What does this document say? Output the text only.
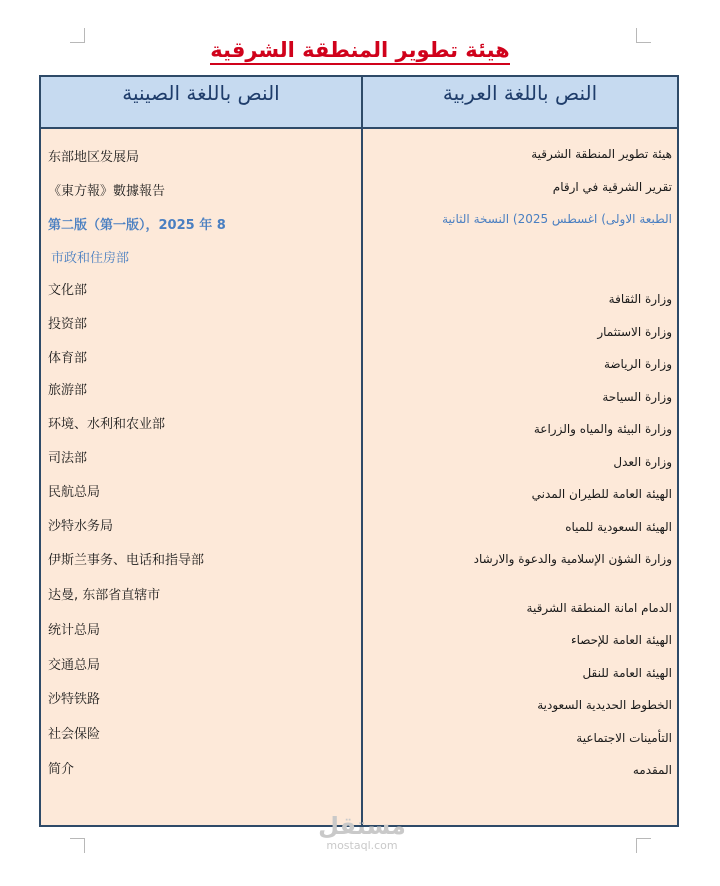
هيئة تطوير المنطقة الشرقية
النص باللغة الصينية	النص باللغة العربية
东部地区发展局
《東方報》數據報告
第二版（第一版），2025 年 8
市政和住房部
文化部
投资部
体育部
旅游部
环境、水利和农业部
司法部
民航总局
沙特水务局
伊斯兰事务、电话和指导部
达曼, 东部省直辖市
统计总局
交通总局
沙特铁路
社会保险
简介
هيئة تطوير المنطقة الشرقية
تقرير الشرقية في ارقام
الطبعة الاولى) اغسطس 2025) النسخة الثانية
وزارة الثقافة
وزارة الاستثمار
وزارة الرياضة
وزارة السياحة
وزارة البيئة والمياه والزراعة
وزارة العدل
الهيئة العامة للطيران المدني
الهيئة السعودية للمياه
وزارة الشؤن الإسلامية والدعوة والارشاد
الدمام امانة المنطقة الشرقية
الهيئة العامة للإحصاء
الهيئة العامة للنقل
الخطوط الحديدية السعودية
التأمينات الاجتماعية
المقدمه
مستقل
mostaql.com
